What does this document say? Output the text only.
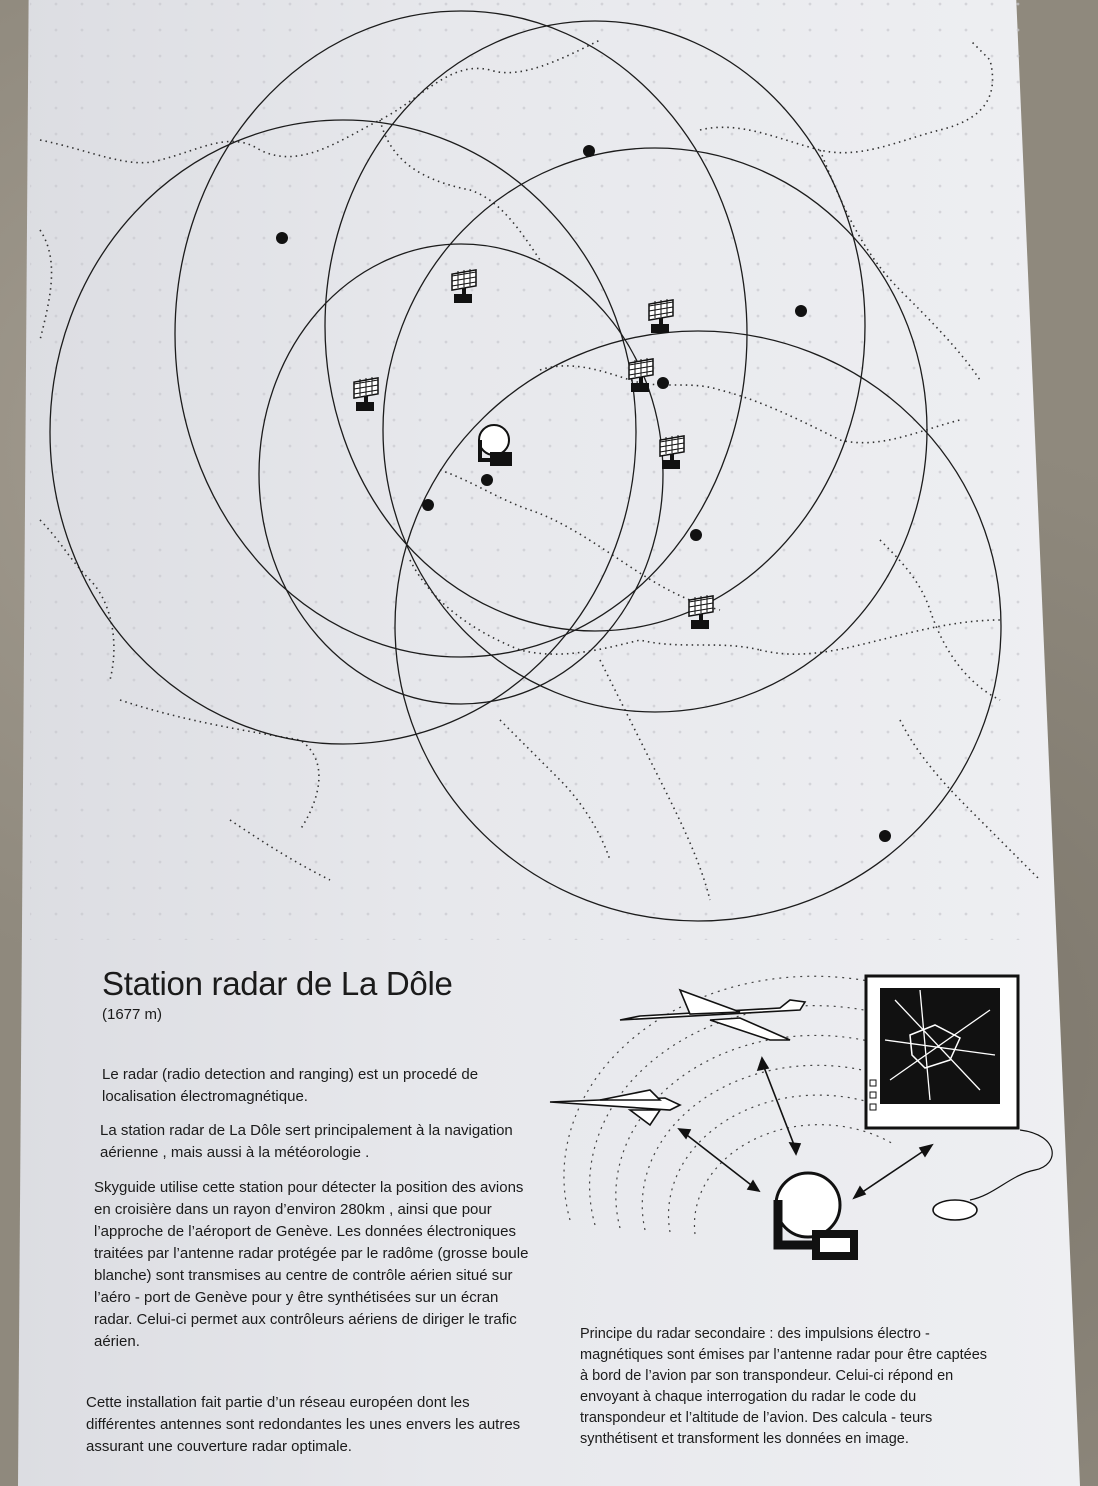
Station radar de La Dôle
(1677 m)
Le radar (radio detection and ranging) est un procedé de localisation électromagnétique.
La station radar de La Dôle sert principalement à la navigation aérienne , mais aussi à la météorologie .
Skyguide utilise cette station pour détecter la position des avions en croisière dans un rayon d’environ 280km , ainsi que pour l’approche de l’aéroport de Genève. Les données électroniques traitées par l’antenne radar protégée par le radôme (grosse boule blanche) sont transmises au centre de contrôle aérien situé sur l’aéro - port de Genève pour y être synthétisées sur un écran radar. Celui-ci permet aux contrôleurs aériens de diriger le trafic aérien.
Cette installation fait partie d’un réseau européen dont les différentes antennes sont redondantes les unes envers les autres assurant une couverture radar optimale.
Principe du radar secondaire : des impulsions électro - magnétiques sont émises par l’antenne radar pour être captées à bord de l’avion par son transpondeur. Celui-ci répond en envoyant à chaque interrogation du radar le code du transpondeur et l’altitude de l’avion. Des calcula - teurs synthétisent et transforment les données en image.
